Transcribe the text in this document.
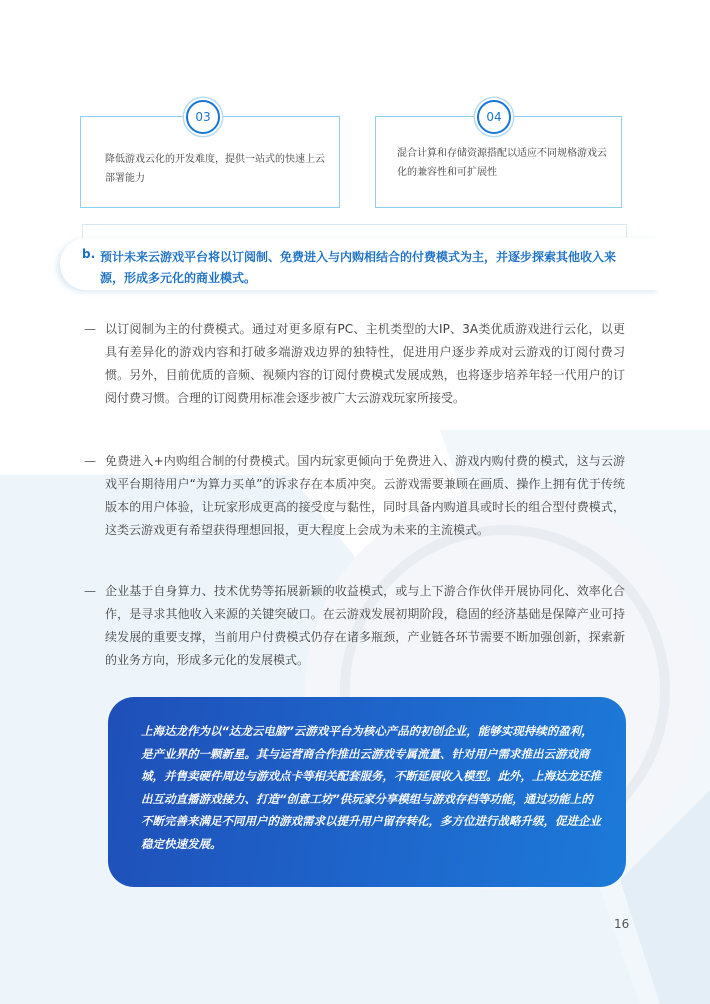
03
降低游戏云化的开发难度，提供一站式的快速上云部署能力
04
混合计算和存储资源搭配以适应不同规格游戏云化的兼容性和可扩展性
b. 预计未来云游戏平台将以订阅制、免费进入与内购相结合的付费模式为主，并逐步探索其他收入来源，形成多元化的商业模式。
— 以订阅制为主的付费模式。通过对更多原有PC、主机类型的大IP、3A类优质游戏进行云化，以更具有差异化的游戏内容和打破多端游戏边界的独特性，促进用户逐步养成对云游戏的订阅付费习惯。另外，目前优质的音频、视频内容的订阅付费模式发展成熟，也将逐步培养年轻一代用户的订阅付费习惯。合理的订阅费用标准会逐步被广大云游戏玩家所接受。
— 免费进入+内购组合制的付费模式。国内玩家更倾向于免费进入、游戏内购付费的模式，这与云游戏平台期待用户“为算力买单”的诉求存在本质冲突。云游戏需要兼顾在画质、操作上拥有优于传统版本的用户体验，让玩家形成更高的接受度与黏性，同时具备内购道具或时长的组合型付费模式，这类云游戏更有希望获得理想回报，更大程度上会成为未来的主流模式。
— 企业基于自身算力、技术优势等拓展新颖的收益模式，或与上下游合作伙伴开展协同化、效率化合作，是寻求其他收入来源的关键突破口。在云游戏发展初期阶段，稳固的经济基础是保障产业可持续发展的重要支撑，当前用户付费模式仍存在诸多瓶颈，产业链各环节需要不断加强创新，探索新的业务方向，形成多元化的发展模式。
上海达龙作为以“达龙云电脑”云游戏平台为核心产品的初创企业，能够实现持续的盈利，是产业界的一颗新星。其与运营商合作推出云游戏专属流量、针对用户需求推出云游戏商城，并售卖硬件周边与游戏点卡等相关配套服务，不断延展收入模型。此外，上海达龙还推出互动直播游戏接力、打造“创意工坊”供玩家分享模组与游戏存档等功能，通过功能上的不断完善来满足不同用户的游戏需求以提升用户留存转化，多方位进行战略升级，促进企业稳定快速发展。
16
